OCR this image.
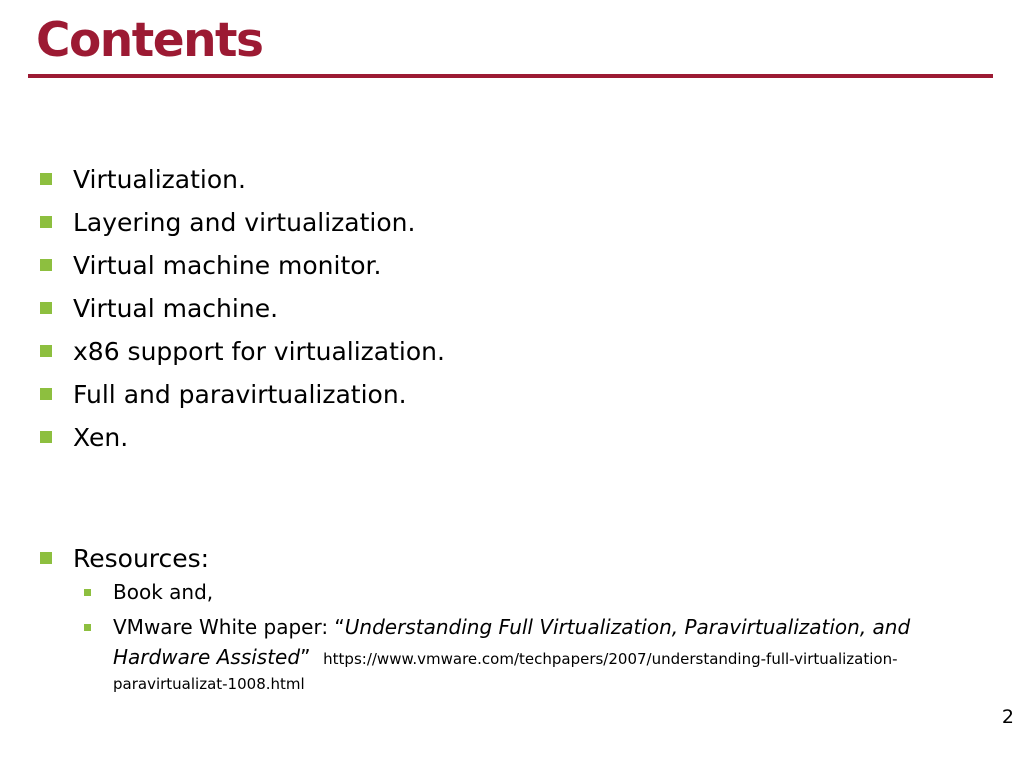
Contents
Virtualization.
Layering and virtualization.
Virtual machine monitor.
Virtual machine.
x86 support for virtualization.
Full and paravirtualization.
Xen.
Resources:
Book and,
VMware White paper: “Understanding Full Virtualization, Paravirtualization, and
Hardware Assisted” https://www.vmware.com/techpapers/2007/understanding-full-virtualization-
paravirtualizat-1008.html
2
